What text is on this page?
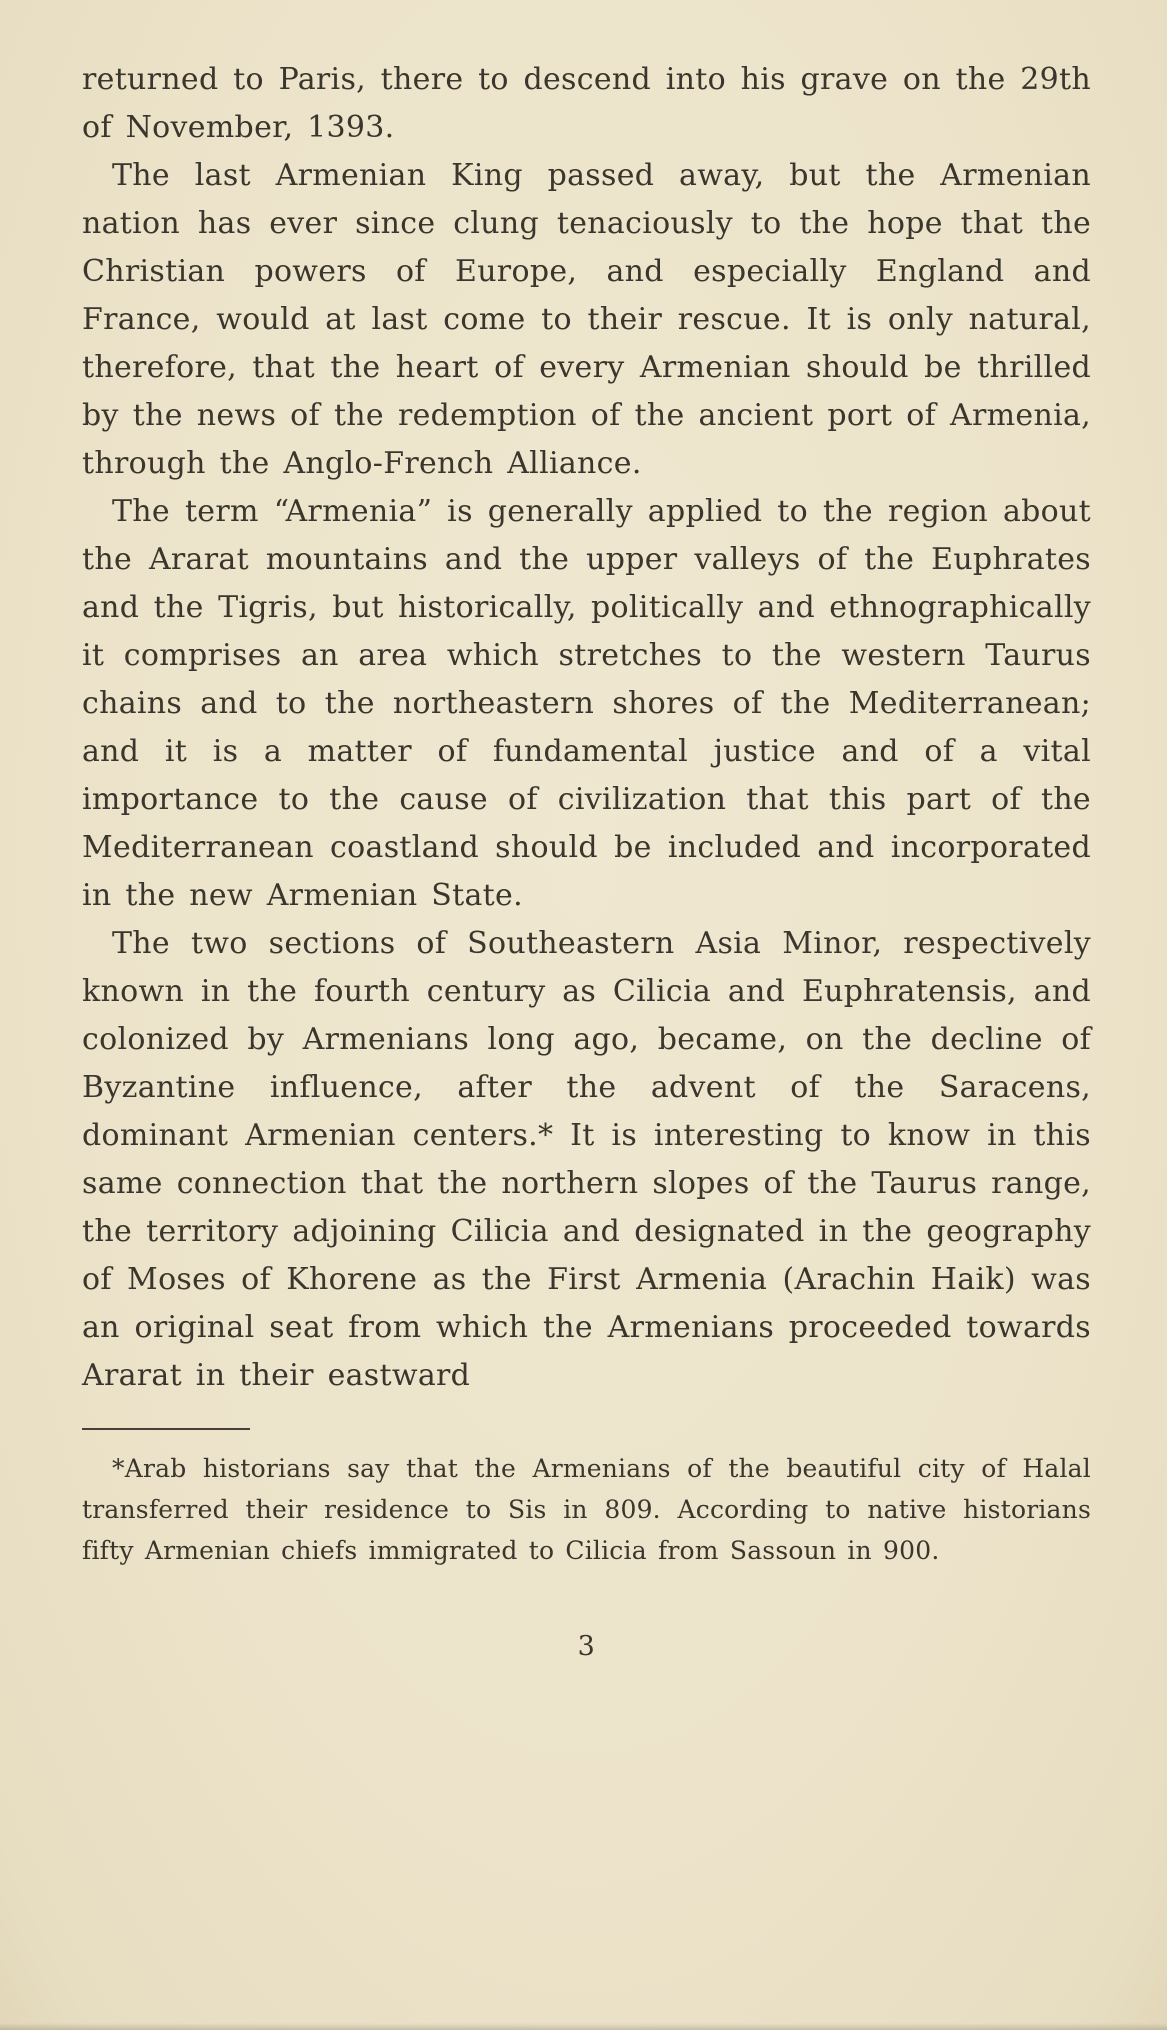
returned to Paris, there to descend into his grave on the 29th of November, 1393.

The last Armenian King passed away, but the Armenian nation has ever since clung tenaciously to the hope that the Christian powers of Europe, and especially England and France, would at last come to their rescue. It is only natural, therefore, that the heart of every Armenian should be thrilled by the news of the redemption of the ancient port of Armenia, through the Anglo-French Alliance.

The term “Armenia” is generally applied to the region about the Ararat mountains and the upper valleys of the Euphrates and the Tigris, but historically, politically and ethnographically it comprises an area which stretches to the western Taurus chains and to the northeastern shores of the Mediterranean; and it is a matter of fundamental justice and of a vital importance to the cause of civilization that this part of the Mediterranean coastland should be included and incorporated in the new Armenian State.

The two sections of Southeastern Asia Minor, respectively known in the fourth century as Cilicia and Euphratensis, and colonized by Armenians long ago, became, on the decline of Byzantine influence, after the advent of the Saracens, dominant Armenian centers.* It is interesting to know in this same connection that the northern slopes of the Taurus range, the territory adjoining Cilicia and designated in the geography of Moses of Khorene as the First Armenia (Arachin Haik) was an original seat from which the Armenians proceeded towards Ararat in their eastward

*Arab historians say that the Armenians of the beautiful city of Halal transferred their residence to Sis in 809. According to native historians fifty Armenian chiefs immigrated to Cilicia from Sassoun in 900.

3
